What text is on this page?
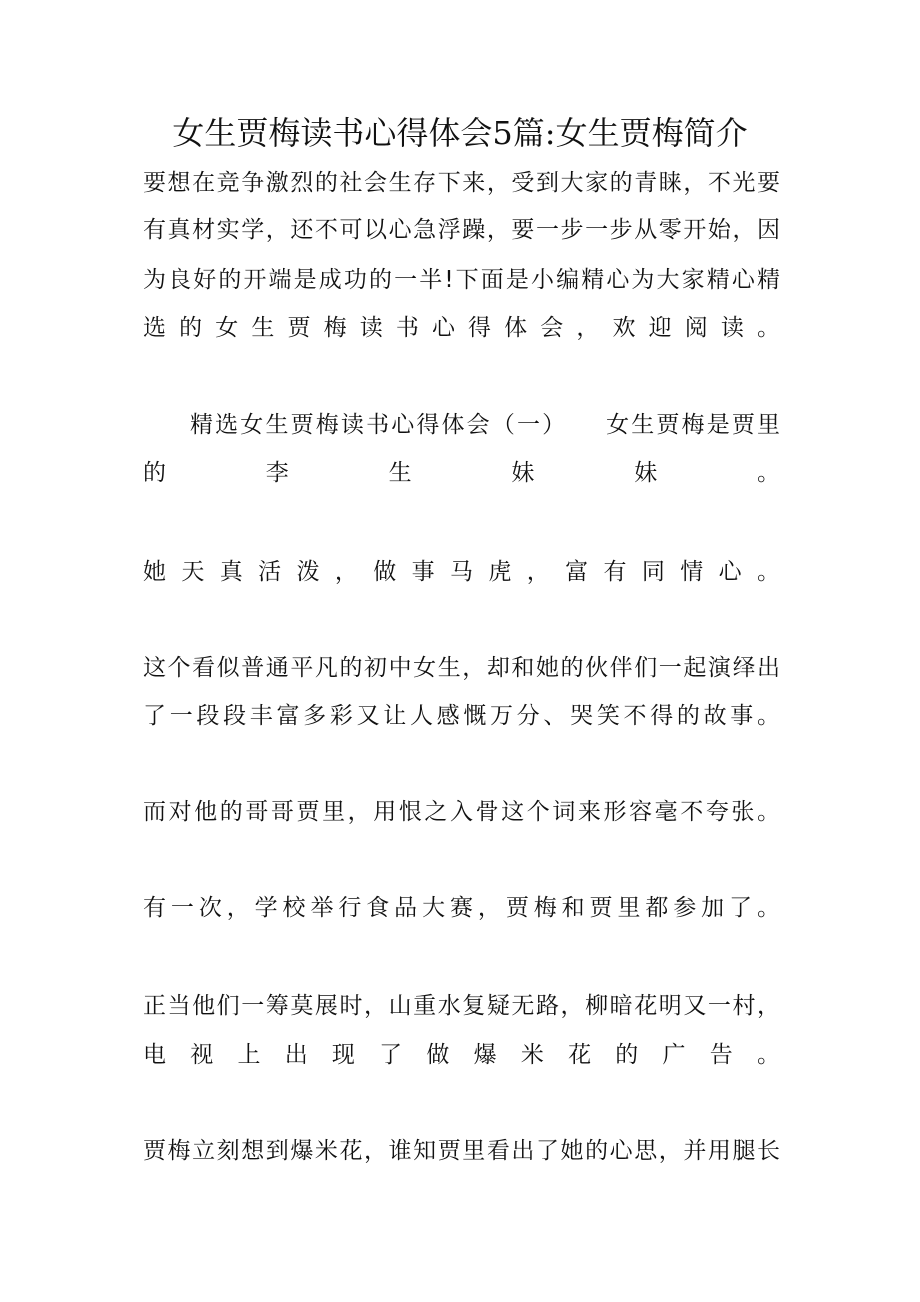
女生贾梅读书心得体会5篇:女生贾梅简介
要想在竞争激烈的社会生存下来，受到大家的青睐，不光要
有真材实学，还不可以心急浮躁，要一步一步从零开始，因
为良好的开端是成功的一半!下面是小编精心为大家精心精
选的女生贾梅读书心得体会，欢迎阅读。
精选女生贾梅读书心得体会（一）　　女生贾梅是贾里
的李生妹妹。
她天真活泼，做事马虎，富有同情心。
这个看似普通平凡的初中女生，却和她的伙伴们一起演绎出
了一段段丰富多彩又让人感慨万分、哭笑不得的故事。
而对他的哥哥贾里，用恨之入骨这个词来形容毫不夸张。
有一次，学校举行食品大赛，贾梅和贾里都参加了。
正当他们一筹莫展时，山重水复疑无路，柳暗花明又一村，
电视上出现了做爆米花的广告。
贾梅立刻想到爆米花，谁知贾里看出了她的心思，并用腿长
